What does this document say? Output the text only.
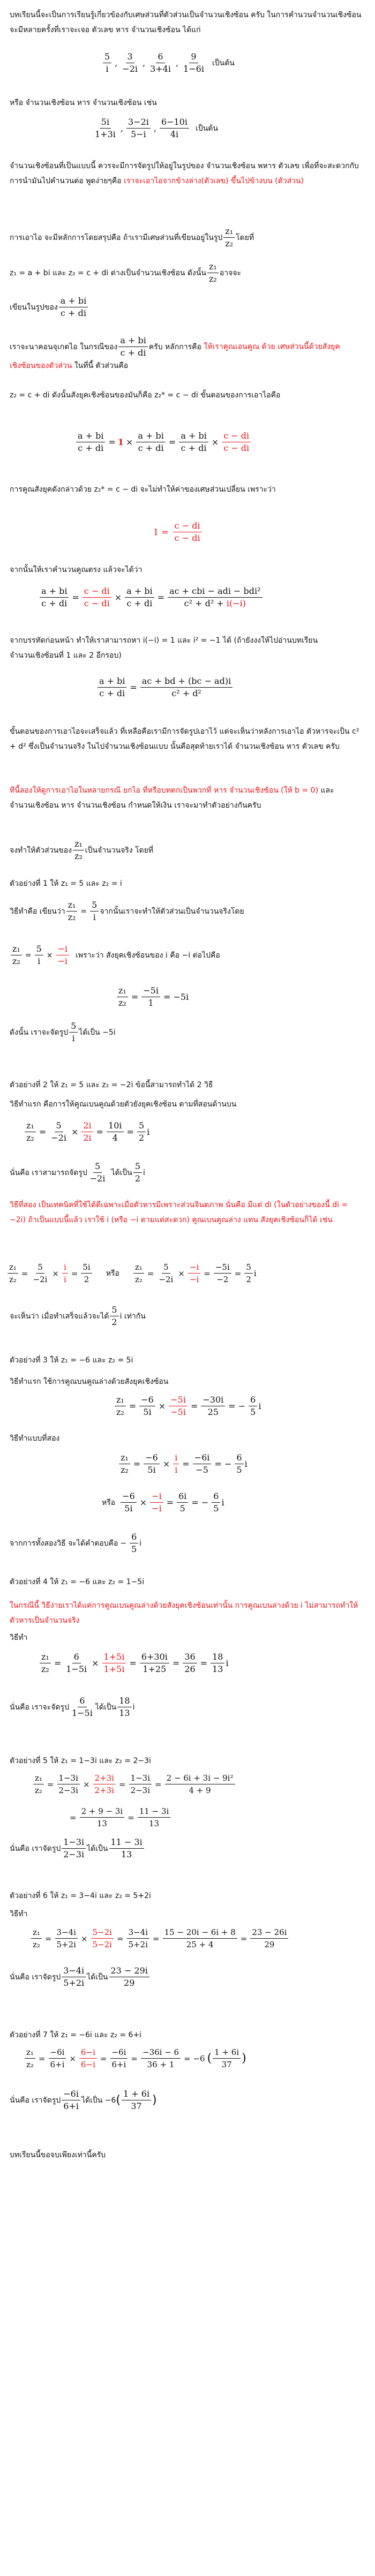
บทเรียนนี้จะเป็นการเรียนรู้เกี่ยวข้องกับเศษส่วนที่ตัวส่วนเป็นจำนวนเชิงซ้อน ครับ ในการคำนวนจำนวนเชิงซ้อน จะมีหลายครั้งที่เราจะเจอ ตัวเลข หาร จำนวนเชิงซ้อน ได้แก่
$\frac{5}{i}$ , $\frac{3}{-2i}$ , $\frac{6}{3+4i}$ , $\frac{9}{1-6i}$ เป็นต้น
หรือ จำนวนเชิงซ้อน หาร จำนวนเชิงซ้อน เช่น
$\frac{5i}{1+3i}$ , $\frac{3-2i}{5-i}$ , $\frac{6-10i}{4i}$ เป็นต้น
จำนวนเชิงซ้อนที่เป็นแบบนี้ ควรจะมีการจัดรูปให้อยู่ในรูปของ จำนวนเชิงซ้อน พหาร ตัวเลข เพื่อที่จะสะดวกกับการนำมันไปคำนวนต่อ พูดง่ายๆคือ เราจะเอาไอจากข้างล่าง(ตัวเลข) ขึ้นไปข้างบน (ตัวส่วน)
การเอาไอ จะมีหลักการโดยสรุปคือ ถ้าเรามีเศษส่วนที่เขียนอยู่ในรูป $\frac{\text{z₁}}{\text{z₂}}$ โดยที่
z₁ = a + bi และ z₂ = c + di ต่างเป็นจำนวนเชิงซ้อน ดังนั้น $\frac{\text{z₁}}{\text{z₂}}$ อาจจะ
เขียนในรูปของ $\frac{a + bi}{c + di}$
เราจะนาคอนจุเกตไอ ในกรณีของ $\frac{a + bi}{c + di}$ ครับ หลักการคือ ให้เราคูณเอนคูณ ด้วย เศษส่วนนี้ด้วยสังยุคเชิงซ้อนของตัวส่วน ในที่นี้ ตัวส่วนคือ
z₂ = c + di ดังนั้นสังยุคเชิงซ้อนของมันก็คือ z₂* = c − di ขั้นตอนของการเอาไอคือ
$\frac{a + bi}{c + di} = 1 \times \frac{a + bi}{c + di} = \frac{a + bi}{c + di} \times \frac{c - di}{c - di}$
การคูณสังยุคดังกล่าวด้วย z₂* = c − di จะไม่ทำให้ค่าของเศษส่วนเปลี่ยน เพราะว่า
$1 = \frac{c - di}{c - di}$
จากนั้นให้เราคำนวนคูณตรง แล้วจะได้ว่า
$\frac{a + bi}{c + di} = \frac{c - di}{c - di} \times \frac{a + bi}{c + di} = \frac{\text{ac + cbi − adi − bdi²}}{\text{c² + d² + i(−i)}}$
จากบรรทัดก่อนหน้า ทำให้เราสามารถหา i(−i) = 1 และ i² = −1 ได้ (ถ้ายังงงให้ไปอ่านบทเรียนจำนวนเชิงซ้อนที่ 1 และ 2 อีกรอบ)
$\frac{a + bi}{c + di} = \frac{ac + bd + (bc - ad)i}{\text{c² + d²}}$
ขั้นตอนของการเอาไอจะเสร็จแล้ว ที่เหลือคือเรามีการจัดรูปเอาไว้ แต่จะเห็นว่าหลังการเอาไอ ตัวหารจะเป็น c² + d² ซึ่งเป็นจำนวนจริง ในไปจำนวนเชิงซ้อนแบบ นั้นคือสุดท้ายเราได้ จำนวนเชิงซ้อน หาร ตัวเลข ครับ
ทีนี้ลองให้ดูการเอาไอในหลายกรณี ยกไอ ที่หรือบทตกเป็นพวกที่ หาร จำนวนเชิงซ้อน (ให้ b = 0) และ จำนวนเชิงซ้อน หาร จำนวนเชิงซ้อน กำหนดให้เงิน เราจะมาทำตัวอย่างกันครับ
จงทำให้ตัวส่วนของ $\frac{\text{z₁}}{\text{z₂}}$ เป็นจำนวนจริง โดยที่
ตัวอย่างที่ 1 ให้ z₁ = 5 และ z₂ = i
วิธีทำคือ เขียนว่า $\frac{\text{z₁}}{\text{z₂}} = \frac{5}{i}$ จากนั้นเราจะทำให้ตัวส่วนเป็นจำนวนจริงโดย
$\frac{\text{z₁}}{\text{z₂}} = \frac{5}{i} \times \frac{-i}{-i}$ เพราะว่า สังยุคเชิงซ้อนของ i คือ −i ต่อไปคือ
$\frac{\text{z₁}}{\text{z₂}} = \frac{-5i}{1} = -5i$
ดังนั้น เราจะจัดรูป $\frac{5}{i}$ ได้เป็น −5i
ตัวอย่างที่ 2 ให้ z₁ = 5 และ z₂ = −2i ข้อนี้สามารถทำได้ 2 วิธี
วิธีทำแรก คือการให้คูณเบนคูณด้วยตัวยังยุคเชิงซ้อน ตามที่สอนด้านบน
$\frac{\text{z₁}}{\text{z₂}} = \frac{5}{-2i} \times \frac{2i}{2i} = \frac{10i}{4} = \frac{5}{2}$ i
นั่นคือ เราสามารถจัดรูป $\frac{5}{-2i}$ ได้เป็น $\frac{5}{2}$ i
วิธีที่สอง เป็นเทคนิคที่ใช้ได้ดีเฉพาะเมื่อตัวหารมีเพราะส่วนจินตภาพ นั่นคือ มีแต่ di (ในตัวอย่างของนี้ di = −2i) ถ้าเป็นแบบนี้แล้ว เราใช้ i (หรือ −i ตามแต่สะดวก) คูณเบนคูณล่าง แทน สังยุคเชิงซ้อนก็ได้ เช่น
$\frac{\text{z₁}}{\text{z₂}} = \frac{5}{-2i} \times \frac{i}{i} = \frac{5i}{2}$ หรือ $\frac{\text{z₁}}{\text{z₂}} = \frac{5}{-2i} \times \frac{-i}{-i} = \frac{-5i}{-2} = \frac{5}{2}$ i
จะเห็นว่า เมื่อทำเสร็จแล้วจะได้ $\frac{5}{2}$ i เท่ากัน
ตัวอย่างที่ 3 ให้ z₁ = −6 และ z₂ = 5i
วิธีทำแรก ใช้การคูณบนคูณล่างด้วยสังยุคเชิงซ้อน
$\frac{\text{z₁}}{\text{z₂}} = \frac{-6}{5i} \times \frac{-5i}{-5i} = \frac{-30i}{25}$ = − $\frac{6}{5}$ i
วิธีทำแบบที่สอง
$\frac{\text{z₁}}{\text{z₂}} = \frac{-6}{5i} \times \frac{i}{i} = \frac{-6i}{-5}$ = − $\frac{6}{5}$ i
หรือ $\frac{-6}{5i} \times \frac{-i}{-i} = \frac{6i}{5}$ = − $\frac{6}{5}$ i
จากการทั้งสองวิธี จะได้คำตอบคือ − $\frac{6}{5}$ i
ตัวอย่างที่ 4 ให้ z₁ = −6 และ z₂ = 1−5i
ในกรณีนี้ วิธีง่ายเราได้แค่การคูณเบนคูณล่างด้วยสังยุคเชิงซ้อนเท่านั้น การคูณเบนล่างด้วย i ไม่สามารถทำให้ตัวหารเป็นจำนวนจริง
วิธีทำ
$\frac{\text{z₁}}{\text{z₂}} = \frac{6}{1-5i} \times \frac{1+5i}{1+5i} = \frac{6+30i}{1+25} = \frac{36}{26} = \frac{18}{13}$ i
นั่นคือ เราจะจัดรูป $\frac{6}{1-5i}$ ได้เป็น $\frac{18}{13}$ i
ตัวอย่างที่ 5 ให้ z₁ = 1−3i และ z₂ = 2−3i
$\frac{\text{z₁}}{\text{z₂}} = \frac{1-3i}{2-3i} \times \frac{2+3i}{2+3i} = \frac{1-3i}{2-3i} = \frac{\text{2 − 6i + 3i − 9i²}}{4 + 9}$
= $\frac{2 + 9 - 3i}{13} = \frac{11 - 3i}{13}$
นั่นคือ เราจัดรูป $\frac{1-3i}{2-3i}$ ได้เป็น $\frac{11 - 3i}{13}$
ตัวอย่างที่ 6 ให้ z₁ = 3−4i และ z₂ = 5+2i
วิธีทำ
$\frac{\text{z₁}}{\text{z₂}} = \frac{3-4i}{5+2i} \times \frac{5-2i}{5-2i} = \frac{3-4i}{5+2i} = \frac{15 - 20i - 6i + 8}{25 + 4} = \frac{23 - 26i}{29}$
นั่นคือ เราจัดรูป $\frac{3-4i}{5+2i}$ ได้เป็น $\frac{23 - 29i}{29}$
ตัวอย่างที่ 7 ให้ z₁ = −6i และ z₂ = 6+i
$\frac{\text{z₁}}{\text{z₂}} = \frac{-6i}{6+i} \times \frac{6-i}{6-i} = \frac{-6i}{6+i} = \frac{-36i - 6}{36 + 1} = -6$ ( $\frac{1 + 6i}{37}$ )
นั่นคือ เราจัดรูป $\frac{-6i}{6+i}$ ได้เป็น −6 ( $\frac{1 + 6i}{37}$ )
บทเรียนนี้ขอจบเพียงเท่านี้ครับ
